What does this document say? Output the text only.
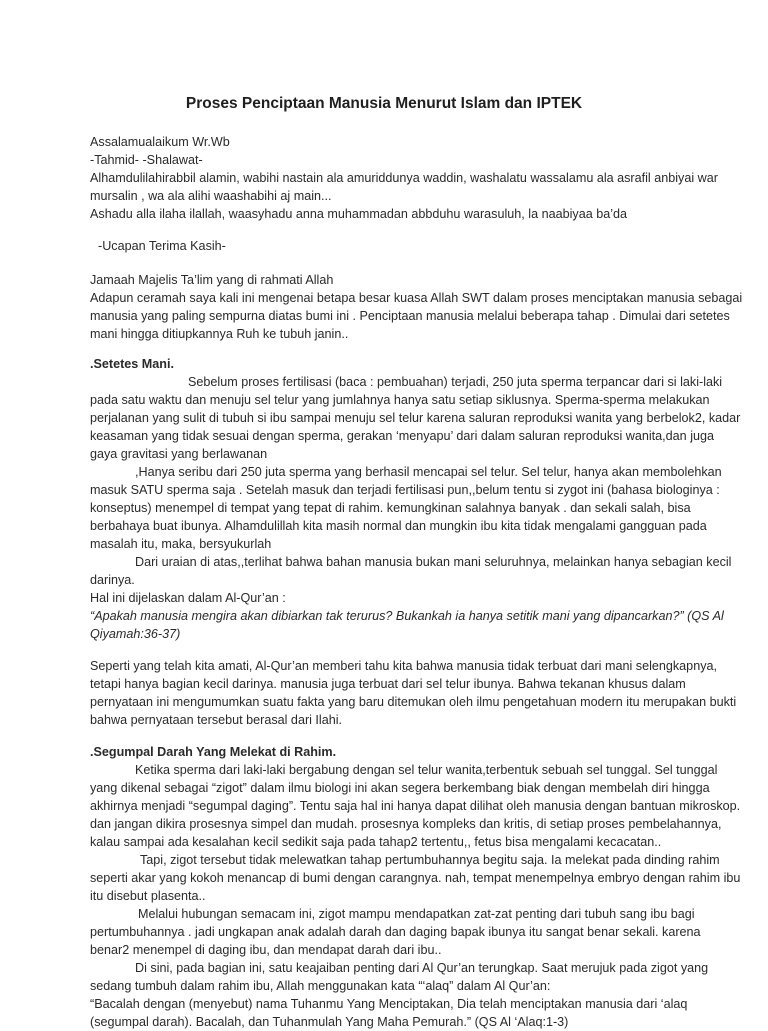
Proses Penciptaan Manusia Menurut Islam dan IPTEK

Assalamualaikum Wr.Wb

-Tahmid- -Shalawat-

Alhamdulilahirabbil alamin, wabihi nastain ala amuriddunya waddin, washalatu wassalamu ala asrafil anbiyai war

mursalin , wa ala alihi waashabihi aj main...

Ashadu alla ilaha ilallah, waasyhadu anna muhammadan abbduhu warasuluh, la naabiyaa ba’da

-Ucapan Terima Kasih-

Jamaah Majelis Ta’lim yang di rahmati Allah

Adapun ceramah saya kali ini mengenai betapa besar kuasa Allah SWT dalam proses menciptakan manusia sebagai

manusia yang paling sempurna diatas bumi ini . Penciptaan manusia melalui beberapa tahap . Dimulai dari setetes

mani hingga ditiupkannya Ruh ke tubuh janin..

.Setetes Mani.

Sebelum proses fertilisasi (baca : pembuahan) terjadi, 250 juta sperma terpancar dari si laki-laki

pada satu waktu dan menuju sel telur yang jumlahnya hanya satu setiap siklusnya. Sperma-sperma melakukan

perjalanan yang sulit di tubuh si ibu sampai menuju sel telur karena saluran reproduksi wanita yang berbelok2, kadar

keasaman yang tidak sesuai dengan sperma, gerakan ‘menyapu’ dari dalam saluran reproduksi wanita,dan juga

gaya gravitasi yang berlawanan

,Hanya seribu dari 250 juta sperma yang berhasil mencapai sel telur. Sel telur, hanya akan membolehkan

masuk SATU sperma saja . Setelah masuk dan terjadi fertilisasi pun,,belum tentu si zygot ini (bahasa biologinya :

konseptus) menempel di tempat yang tepat di rahim. kemungkinan salahnya banyak . dan sekali salah, bisa

berbahaya buat ibunya. Alhamdulillah kita masih normal dan mungkin ibu kita tidak mengalami gangguan pada

masalah itu, maka, bersyukurlah

Dari uraian di atas,,terlihat bahwa bahan manusia bukan mani seluruhnya, melainkan hanya sebagian kecil

darinya.

Hal ini dijelaskan dalam Al-Qur’an :

“Apakah manusia mengira akan dibiarkan tak terurus? Bukankah ia hanya setitik mani yang dipancarkan?” (QS Al

Qiyamah:36-37)

Seperti yang telah kita amati, Al-Qur’an memberi tahu kita bahwa manusia tidak terbuat dari mani selengkapnya,

tetapi hanya bagian kecil darinya. manusia juga terbuat dari sel telur ibunya. Bahwa tekanan khusus dalam

pernyataan ini mengumumkan suatu fakta yang baru ditemukan oleh ilmu pengetahuan modern itu merupakan bukti

bahwa pernyataan tersebut berasal dari Ilahi.

.Segumpal Darah Yang Melekat di Rahim.

Ketika sperma dari laki-laki bergabung dengan sel telur wanita,terbentuk sebuah sel tunggal. Sel tunggal

yang dikenal sebagai “zigot” dalam ilmu biologi ini akan segera berkembang biak dengan membelah diri hingga

akhirnya menjadi “segumpal daging”. Tentu saja hal ini hanya dapat dilihat oleh manusia dengan bantuan mikroskop.

dan jangan dikira prosesnya simpel dan mudah. prosesnya kompleks dan kritis, di setiap proses pembelahannya,

kalau sampai ada kesalahan kecil sedikit saja pada tahap2 tertentu,, fetus bisa mengalami kecacatan..

Tapi, zigot tersebut tidak melewatkan tahap pertumbuhannya begitu saja. Ia melekat pada dinding rahim

seperti akar yang kokoh menancap di bumi dengan carangnya. nah, tempat menempelnya embryo dengan rahim ibu

itu disebut plasenta..

Melalui hubungan semacam ini, zigot mampu mendapatkan zat-zat penting dari tubuh sang ibu bagi

pertumbuhannya . jadi ungkapan anak adalah darah dan daging bapak ibunya itu sangat benar sekali. karena

benar2 menempel di daging ibu, dan mendapat darah dari ibu..

Di sini, pada bagian ini, satu keajaiban penting dari Al Qur’an terungkap. Saat merujuk pada zigot yang

sedang tumbuh dalam rahim ibu, Allah menggunakan kata “‘alaq” dalam Al Qur’an:

“Bacalah dengan (menyebut) nama Tuhanmu Yang Menciptakan, Dia telah menciptakan manusia dari ‘alaq

(segumpal darah). Bacalah, dan Tuhanmulah Yang Maha Pemurah.” (QS Al ‘Alaq:1-3)
